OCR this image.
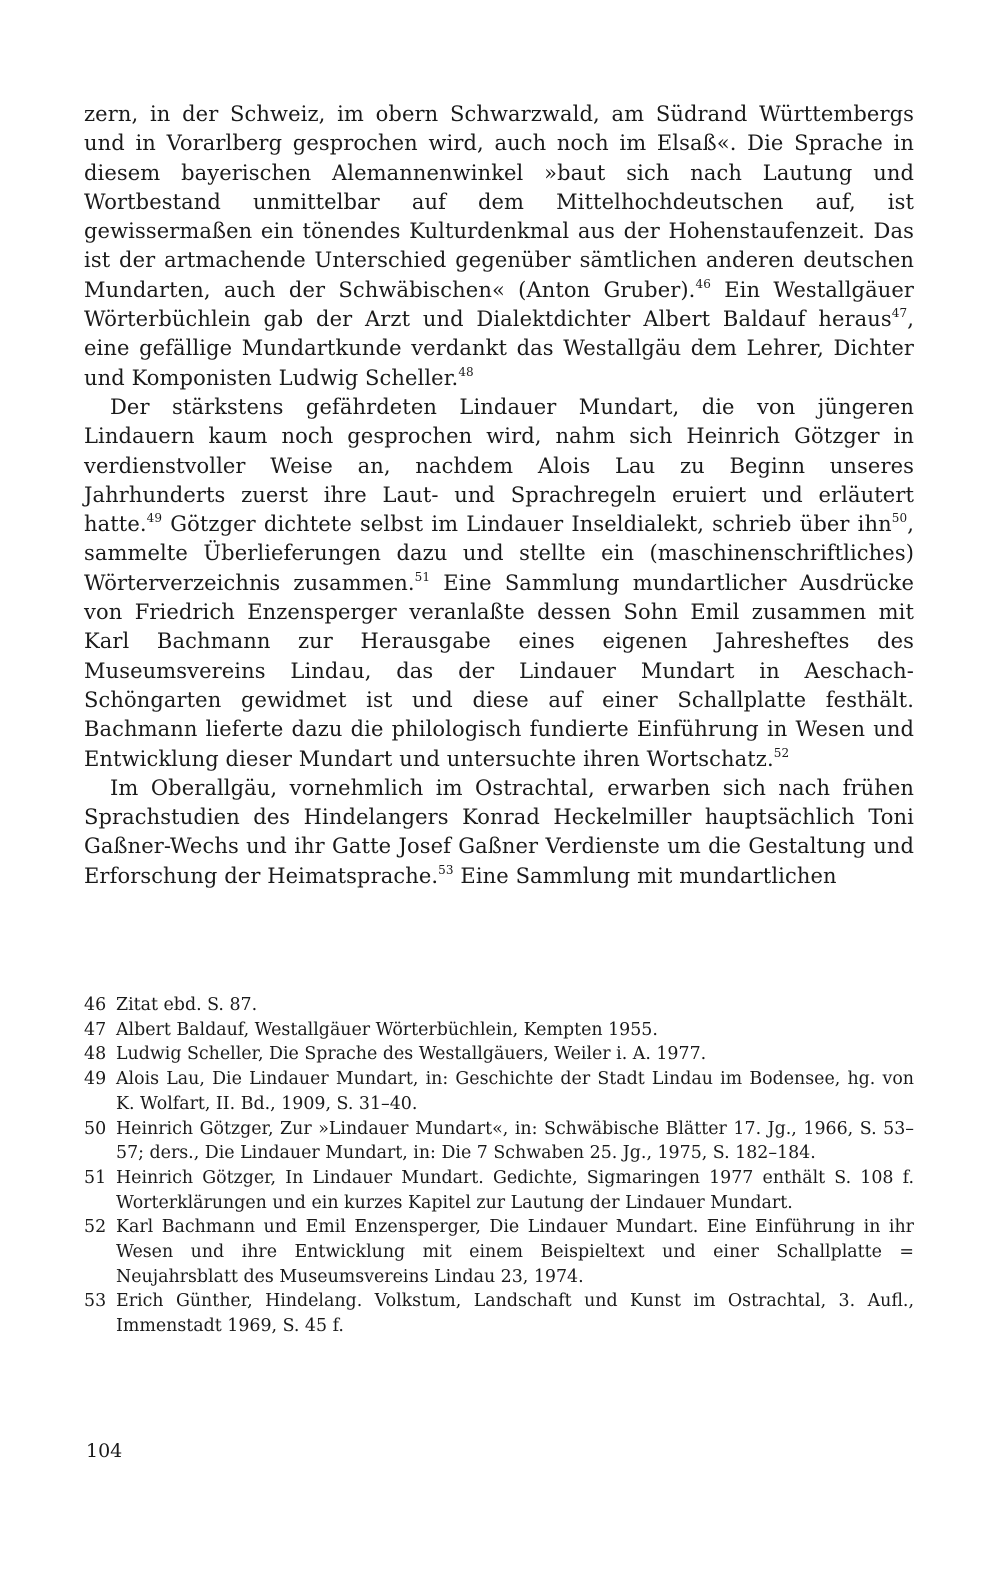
zern, in der Schweiz, im obern Schwarzwald, am Südrand Württembergs und in Vorarlberg gesprochen wird, auch noch im Elsaß«. Die Sprache in diesem bayerischen Alemannenwinkel »baut sich nach Lautung und Wortbestand unmittelbar auf dem Mittelhochdeutschen auf, ist gewissermaßen ein tönendes Kulturdenkmal aus der Hohenstaufenzeit. Das ist der artmachende Unterschied gegenüber sämtlichen anderen deutschen Mundarten, auch der Schwäbischen« (Anton Gruber).$^{46}$ Ein Westallgäuer Wörterbüchlein gab der Arzt und Dialektdichter Albert Baldauf heraus$^{47}$, eine gefällige Mundartkunde verdankt das Westallgäu dem Lehrer, Dichter und Komponisten Ludwig Scheller.$^{48}$

Der stärkstens gefährdeten Lindauer Mundart, die von jüngeren Lindauern kaum noch gesprochen wird, nahm sich Heinrich Götzger in verdienstvoller Weise an, nachdem Alois Lau zu Beginn unseres Jahrhunderts zuerst ihre Laut- und Sprachregeln eruiert und erläutert hatte.$^{49}$ Götzger dichtete selbst im Lindauer Inseldialekt, schrieb über ihn$^{50}$, sammelte Überlieferungen dazu und stellte ein (maschinenschriftliches) Wörterverzeichnis zusammen.$^{51}$ Eine Sammlung mundartlicher Ausdrücke von Friedrich Enzensperger veranlaßte dessen Sohn Emil zusammen mit Karl Bachmann zur Herausgabe eines eigenen Jahresheftes des Museumsvereins Lindau, das der Lindauer Mundart in Aeschach-Schöngarten gewidmet ist und diese auf einer Schallplatte festhält. Bachmann lieferte dazu die philologisch fundierte Einführung in Wesen und Entwicklung dieser Mundart und untersuchte ihren Wortschatz.$^{52}$

Im Oberallgäu, vornehmlich im Ostrachtal, erwarben sich nach frühen Sprachstudien des Hindelangers Konrad Heckelmiller hauptsächlich Toni Gaßner-Wechs und ihr Gatte Josef Gaßner Verdienste um die Gestaltung und Erforschung der Heimatsprache.$^{53}$ Eine Sammlung mit mundartlichen

46 Zitat ebd. S. 87.
47 Albert Baldauf, Westallgäuer Wörterbüchlein, Kempten 1955.
48 Ludwig Scheller, Die Sprache des Westallgäuers, Weiler i. A. 1977.
49 Alois Lau, Die Lindauer Mundart, in: Geschichte der Stadt Lindau im Bodensee, hg. von K. Wolfart, II. Bd., 1909, S. 31–40.
50 Heinrich Götzger, Zur »Lindauer Mundart«, in: Schwäbische Blätter 17. Jg., 1966, S. 53–57; ders., Die Lindauer Mundart, in: Die 7 Schwaben 25. Jg., 1975, S. 182–184.
51 Heinrich Götzger, In Lindauer Mundart. Gedichte, Sigmaringen 1977 enthält S. 108 f. Worterklärungen und ein kurzes Kapitel zur Lautung der Lindauer Mundart.
52 Karl Bachmann und Emil Enzensperger, Die Lindauer Mundart. Eine Einführung in ihr Wesen und ihre Entwicklung mit einem Beispieltext und einer Schallplatte = Neujahrsblatt des Museumsvereins Lindau 23, 1974.
53 Erich Günther, Hindelang. Volkstum, Landschaft und Kunst im Ostrachtal, 3. Aufl., Immenstadt 1969, S. 45 f.
104
